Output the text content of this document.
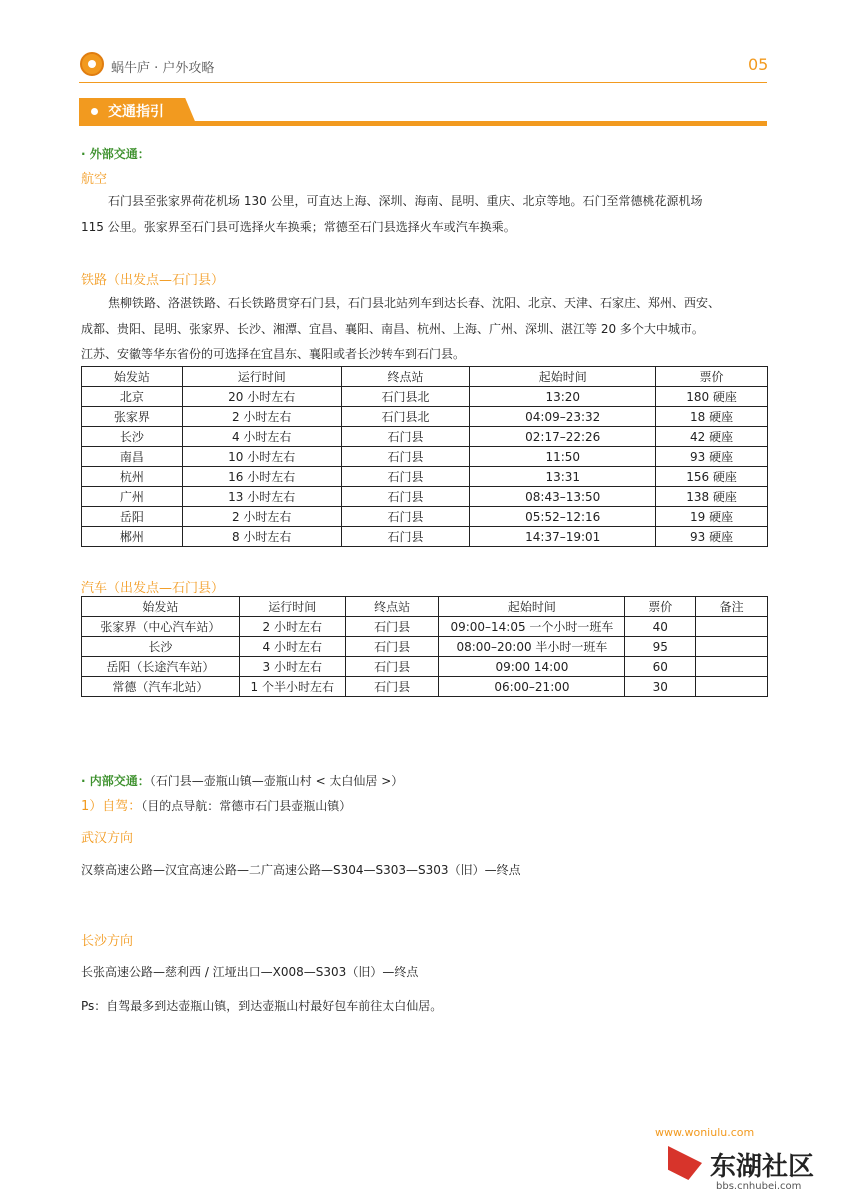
蜗牛庐 · 户外攻略	05
交通指引
· 外部交通：
航空
石门县至张家界荷花机场 130 公里，可直达上海、深圳、海南、昆明、重庆、北京等地。石门至常德桃花源机场
115 公里。张家界至石门县可选择火车换乘；常德至石门县选择火车或汽车换乘。
铁路（出发点—石门县）
焦柳铁路、洛湛铁路、石长铁路贯穿石门县，石门县北站列车到达长春、沈阳、北京、天津、石家庄、郑州、西安、
成都、贵阳、昆明、张家界、长沙、湘潭、宜昌、襄阳、南昌、杭州、上海、广州、深圳、湛江等 20 多个大中城市。
江苏、安徽等华东省份的可选择在宜昌东、襄阳或者长沙转车到石门县。
始发站	运行时间	终点站	起始时间	票价
北京	20 小时左右	石门县北	13:20	180 硬座
张家界	2 小时左右	石门县北	04:09–23:32	18 硬座
长沙	4 小时左右	石门县	02:17–22:26	42 硬座
南昌	10 小时左右	石门县	11:50	93 硬座
杭州	16 小时左右	石门县	13:31	156 硬座
广州	13 小时左右	石门县	08:43–13:50	138 硬座
岳阳	2 小时左右	石门县	05:52–12:16	19 硬座
郴州	8 小时左右	石门县	14:37–19:01	93 硬座
汽车（出发点—石门县）
始发站	运行时间	终点站	起始时间	票价	备注
张家界（中心汽车站）	2 小时左右	石门县	09:00–14:05 一个小时一班车	40	
长沙	4 小时左右	石门县	08:00–20:00 半小时一班车	95	
岳阳（长途汽车站）	3 小时左右	石门县	09:00 14:00	60	
常德（汽车北站）	1 个半小时左右	石门县	06:00–21:00	30	
· 内部交通：（石门县—壶瓶山镇—壶瓶山村 < 太白仙居 >）
1）自驾：（目的点导航：常德市石门县壶瓶山镇）
武汉方向
汉蔡高速公路—汉宜高速公路—二广高速公路—S304—S303—S303（旧）—终点
长沙方向
长张高速公路—慈利西 / 江垭出口—X008—S303（旧）—终点
Ps：自驾最多到达壶瓶山镇，到达壶瓶山村最好包车前往太白仙居。
www.woniulu.com
东湖社区
bbs.cnhubei.com
